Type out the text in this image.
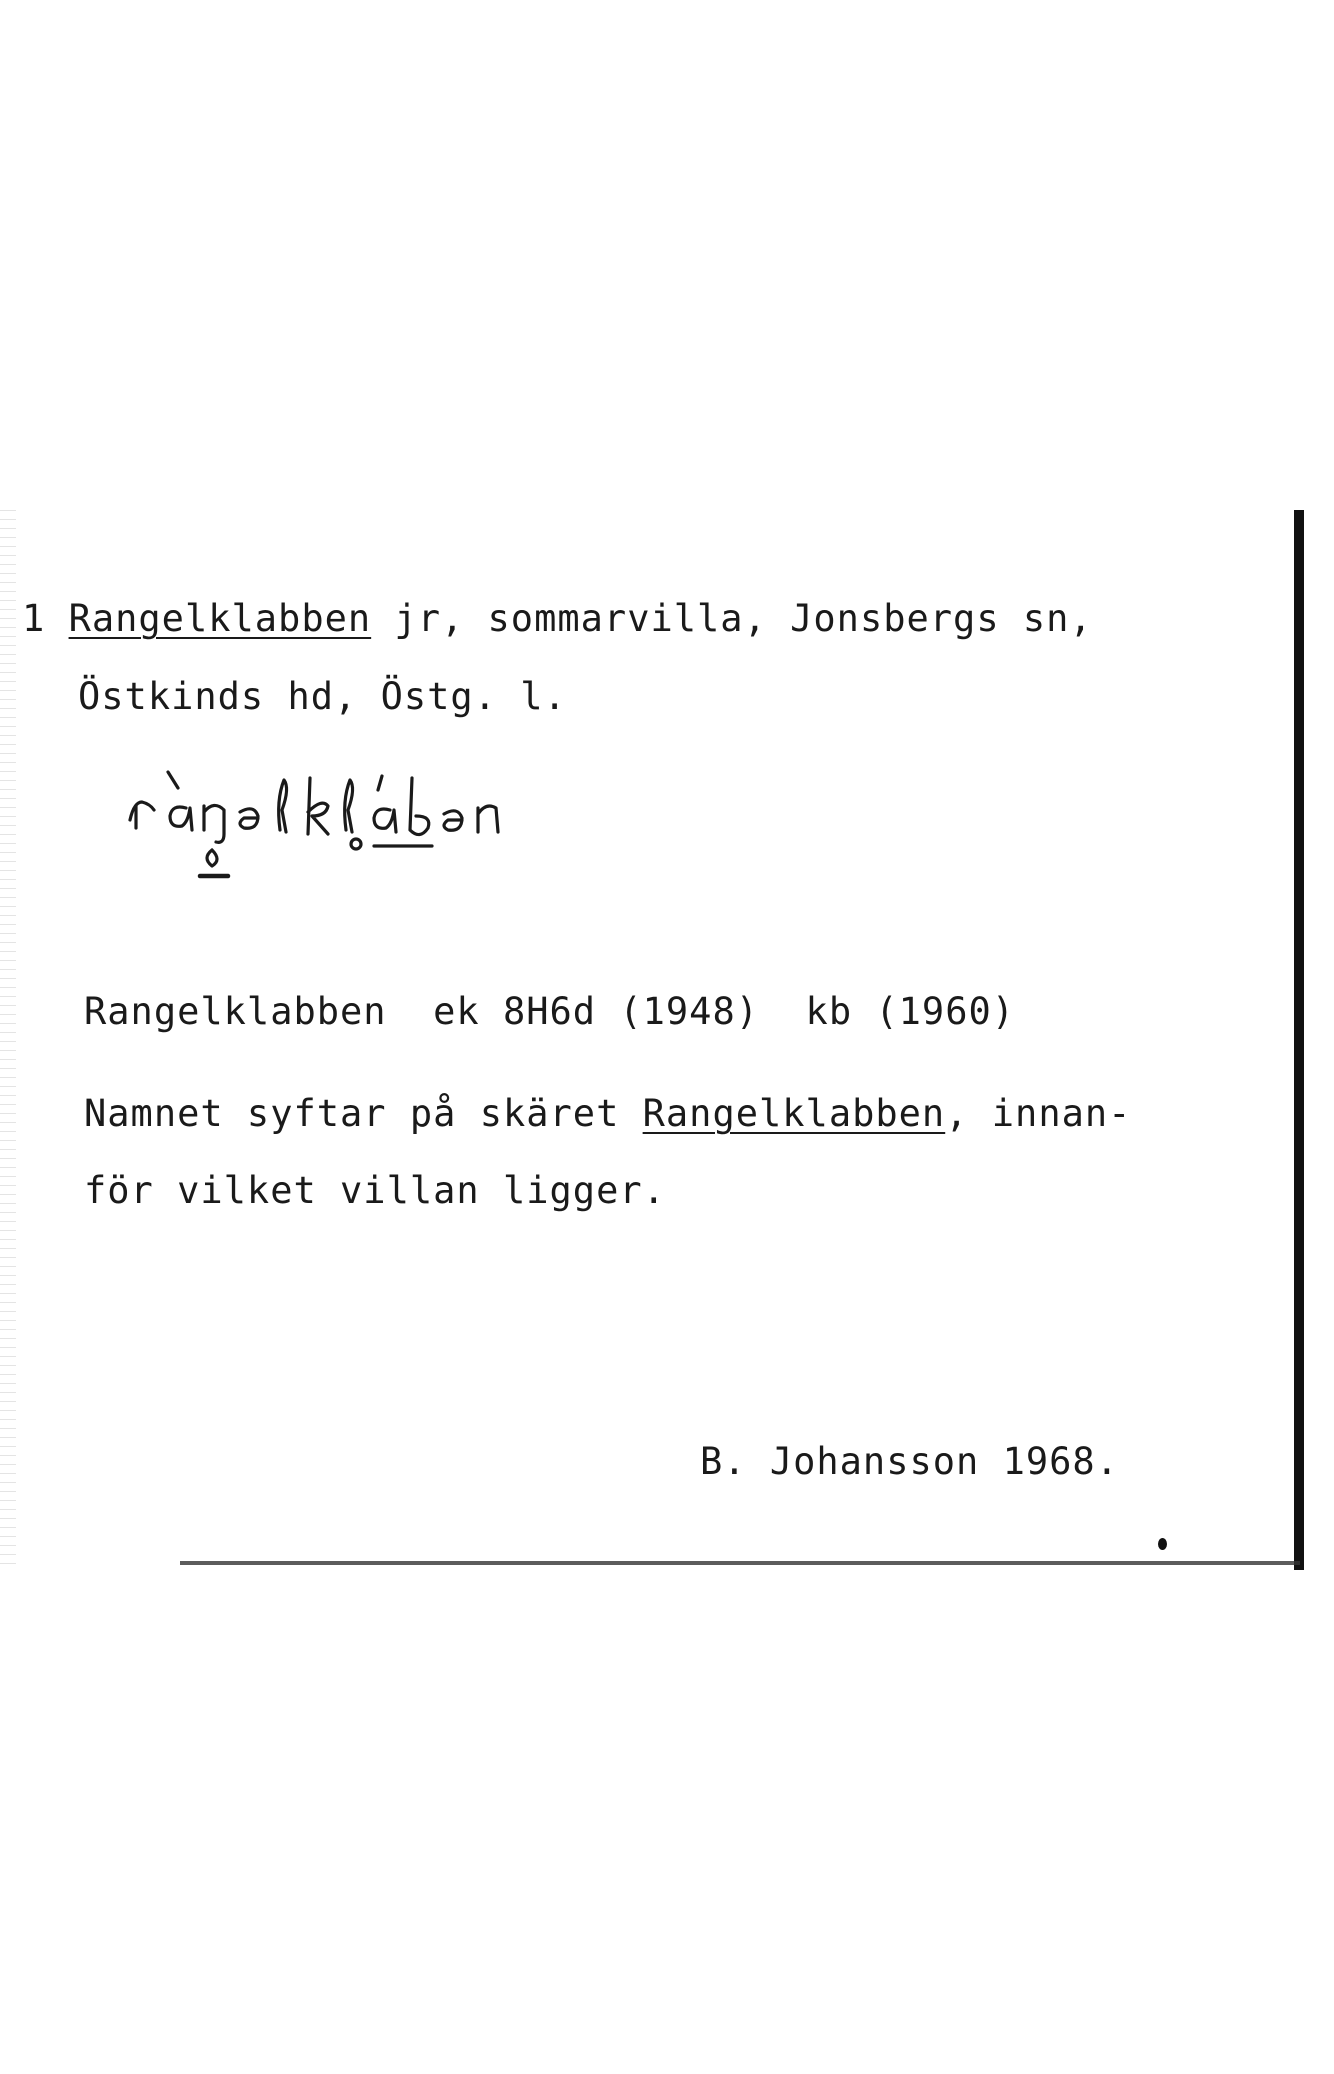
1 Rangelklabben jr, sommarvilla, Jonsbergs sn,
Östkinds hd, Östg. l.
Rangelklabben  ek 8H6d (1948)  kb (1960)
Namnet syftar på skäret Rangelklabben, innan-
för vilket villan ligger.
B. Johansson 1968.
